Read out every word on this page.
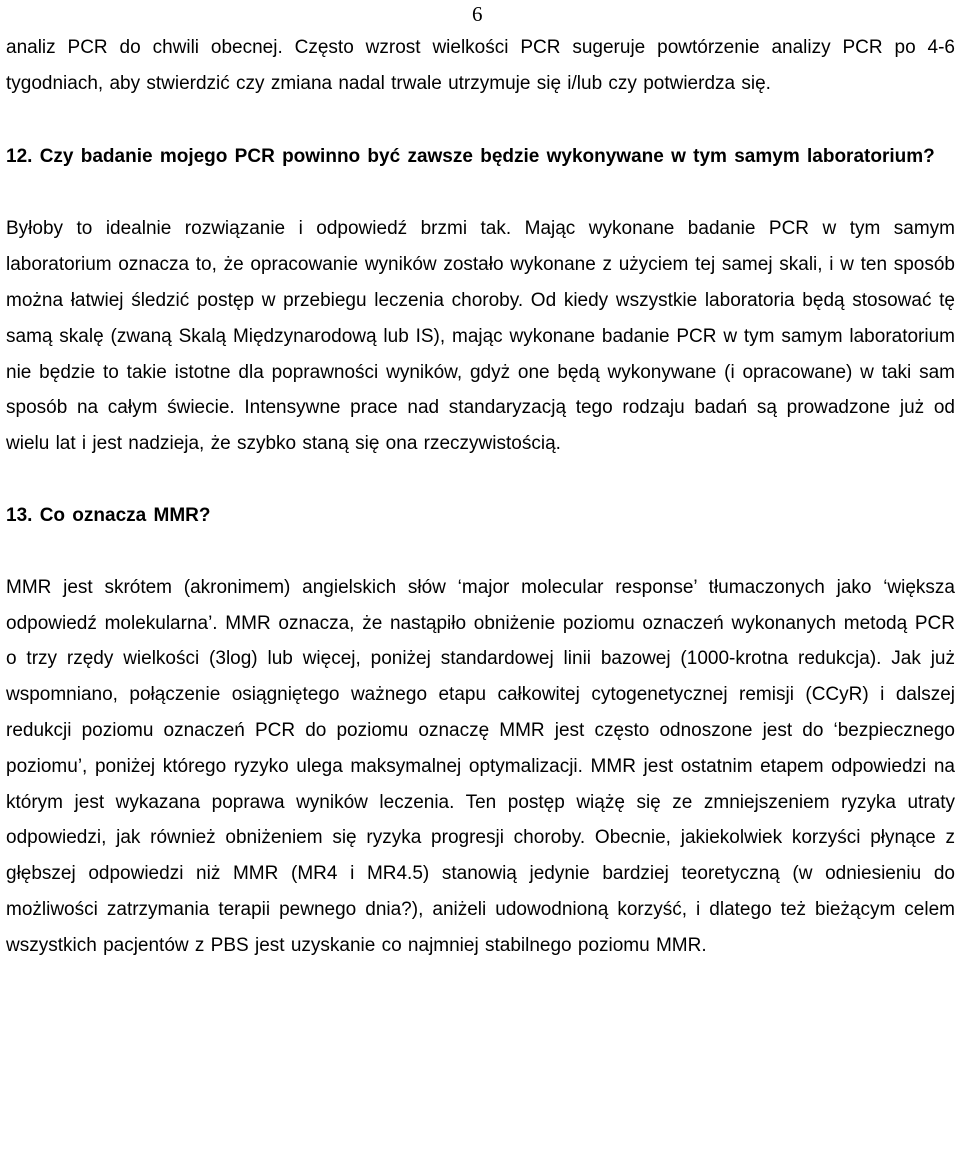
6

analiz PCR do chwili obecnej. Często wzrost wielkości PCR sugeruje powtórzenie analizy PCR po 4-6 tygodniach, aby stwierdzić czy zmiana nadal trwale utrzymuje się i/lub czy potwierdza się.

12. Czy badanie mojego PCR powinno być zawsze będzie wykonywane w tym samym laboratorium?

Byłoby to idealnie rozwiązanie i odpowiedź brzmi tak. Mając wykonane badanie PCR w tym samym laboratorium oznacza to, że opracowanie wyników zostało wykonane z użyciem tej samej skali, i w ten sposób można łatwiej śledzić postęp w przebiegu leczenia choroby. Od kiedy wszystkie laboratoria będą stosować tę samą skalę (zwaną Skalą Międzynarodową lub IS), mając wykonane badanie PCR w tym samym laboratorium nie będzie to takie istotne dla poprawności wyników, gdyż one będą wykonywane (i opracowane) w taki sam sposób na całym świecie. Intensywne prace nad standaryzacją tego rodzaju badań są prowadzone już od wielu lat i jest nadzieja, że szybko staną się ona rzeczywistością.

13. Co oznacza MMR?

MMR jest skrótem (akronimem) angielskich słów ‘major molecular response’ tłumaczonych jako ‘większa odpowiedź molekularna’. MMR oznacza, że nastąpiło obniżenie poziomu oznaczeń wykonanych metodą PCR o trzy rzędy wielkości (3log) lub więcej, poniżej standardowej linii bazowej (1000-krotna redukcja). Jak już wspomniano, połączenie osiągniętego ważnego etapu całkowitej cytogenetycznej remisji (CCyR) i dalszej redukcji poziomu oznaczeń PCR do poziomu oznaczę MMR jest często odnoszone jest do ‘bezpiecznego poziomu’, poniżej którego ryzyko ulega maksymalnej optymalizacji. MMR jest ostatnim etapem odpowiedzi na którym jest wykazana poprawa wyników leczenia. Ten postęp wiążę się ze zmniejszeniem ryzyka utraty odpowiedzi, jak również obniżeniem się ryzyka progresji choroby. Obecnie, jakiekolwiek korzyści płynące z głębszej odpowiedzi niż MMR (MR4 i MR4.5) stanowią jedynie bardziej teoretyczną (w odniesieniu do możliwości zatrzymania terapii pewnego dnia?), aniżeli udowodnioną korzyść, i dlatego też bieżącym celem wszystkich pacjentów z PBS jest uzyskanie co najmniej stabilnego poziomu MMR.
